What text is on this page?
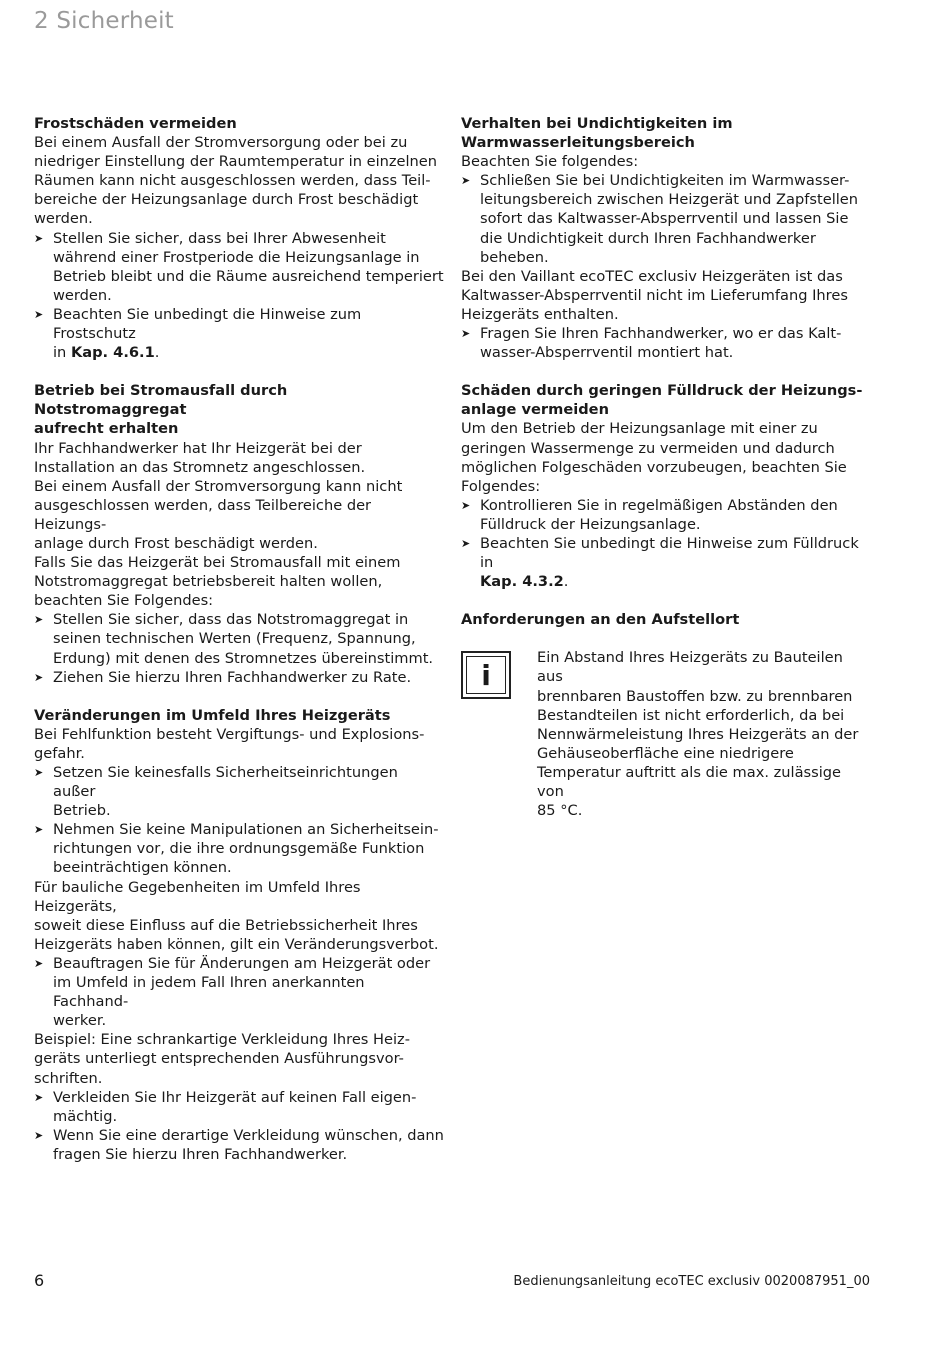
2 Sicherheit
Frostschäden vermeiden
Bei einem Ausfall der Stromversorgung oder bei zu
niedriger Einstellung der Raumtemperatur in einzelnen
Räumen kann nicht ausgeschlossen werden, dass Teil-
bereiche der Heizungsanlage durch Frost beschädigt
werden.
➤ Stellen Sie sicher, dass bei Ihrer Abwesenheit
während einer Frostperiode die Heizungsanlage in
Betrieb bleibt und die Räume ausreichend temperiert
werden.
➤ Beachten Sie unbedingt die Hinweise zum Frostschutz
in Kap. 4.6.1.
Betrieb bei Stromausfall durch Notstromaggregat
aufrecht erhalten
Ihr Fachhandwerker hat Ihr Heizgerät bei der
Installation an das Stromnetz angeschlossen.
Bei einem Ausfall der Stromversorgung kann nicht
ausgeschlossen werden, dass Teilbereiche der Heizungs-
anlage durch Frost beschädigt werden.
Falls Sie das Heizgerät bei Stromausfall mit einem
Notstromaggregat betriebsbereit halten wollen,
beachten Sie Folgendes:
➤ Stellen Sie sicher, dass das Notstromaggregat in
seinen technischen Werten (Frequenz, Spannung,
Erdung) mit denen des Stromnetzes übereinstimmt.
➤ Ziehen Sie hierzu Ihren Fachhandwerker zu Rate.
Veränderungen im Umfeld Ihres Heizgeräts
Bei Fehlfunktion besteht Vergiftungs- und Explosions-
gefahr.
➤ Setzen Sie keinesfalls Sicherheitseinrichtungen außer
Betrieb.
➤ Nehmen Sie keine Manipulationen an Sicherheitsein-
richtungen vor, die ihre ordnungsgemäße Funktion
beeinträchtigen können.
Für bauliche Gegebenheiten im Umfeld Ihres Heizgeräts,
soweit diese Einfluss auf die Betriebssicherheit Ihres
Heizgeräts haben können, gilt ein Veränderungsverbot.
➤ Beauftragen Sie für Änderungen am Heizgerät oder
im Umfeld in jedem Fall Ihren anerkannten Fachhand-
werker.
Beispiel: Eine schrankartige Verkleidung Ihres Heiz-
geräts unterliegt entsprechenden Ausführungsvor-
schriften.
➤ Verkleiden Sie Ihr Heizgerät auf keinen Fall eigen-
mächtig.
➤ Wenn Sie eine derartige Verkleidung wünschen, dann
fragen Sie hierzu Ihren Fachhandwerker.
Verhalten bei Undichtigkeiten im
Warmwasserleitungsbereich
Beachten Sie folgendes:
➤ Schließen Sie bei Undichtigkeiten im Warmwasser-
leitungsbereich zwischen Heizgerät und Zapfstellen
sofort das Kaltwasser-Absperrventil und lassen Sie
die Undichtigkeit durch Ihren Fachhandwerker
beheben.
Bei den Vaillant ecoTEC exclusiv Heizgeräten ist das
Kaltwasser-Absperrventil nicht im Lieferumfang Ihres
Heizgeräts enthalten.
➤ Fragen Sie Ihren Fachhandwerker, wo er das Kalt-
wasser-Absperrventil montiert hat.
Schäden durch geringen Fülldruck der Heizungs-
anlage vermeiden
Um den Betrieb der Heizungsanlage mit einer zu
geringen Wassermenge zu vermeiden und dadurch
möglichen Folgeschäden vorzubeugen, beachten Sie
Folgendes:
➤ Kontrollieren Sie in regelmäßigen Abständen den
Fülldruck der Heizungsanlage.
➤ Beachten Sie unbedingt die Hinweise zum Fülldruck in
Kap. 4.3.2.
Anforderungen an den Aufstellort
i
Ein Abstand Ihres Heizgeräts zu Bauteilen aus
brennbaren Baustoffen bzw. zu brennbaren
Bestandteilen ist nicht erforderlich, da bei
Nennwärmeleistung Ihres Heizgeräts an der
Gehäuseoberfläche eine niedrigere
Temperatur auftritt als die max. zulässige von
85 °C.
6	Bedienungsanleitung ecoTEC exclusiv 0020087951_00
